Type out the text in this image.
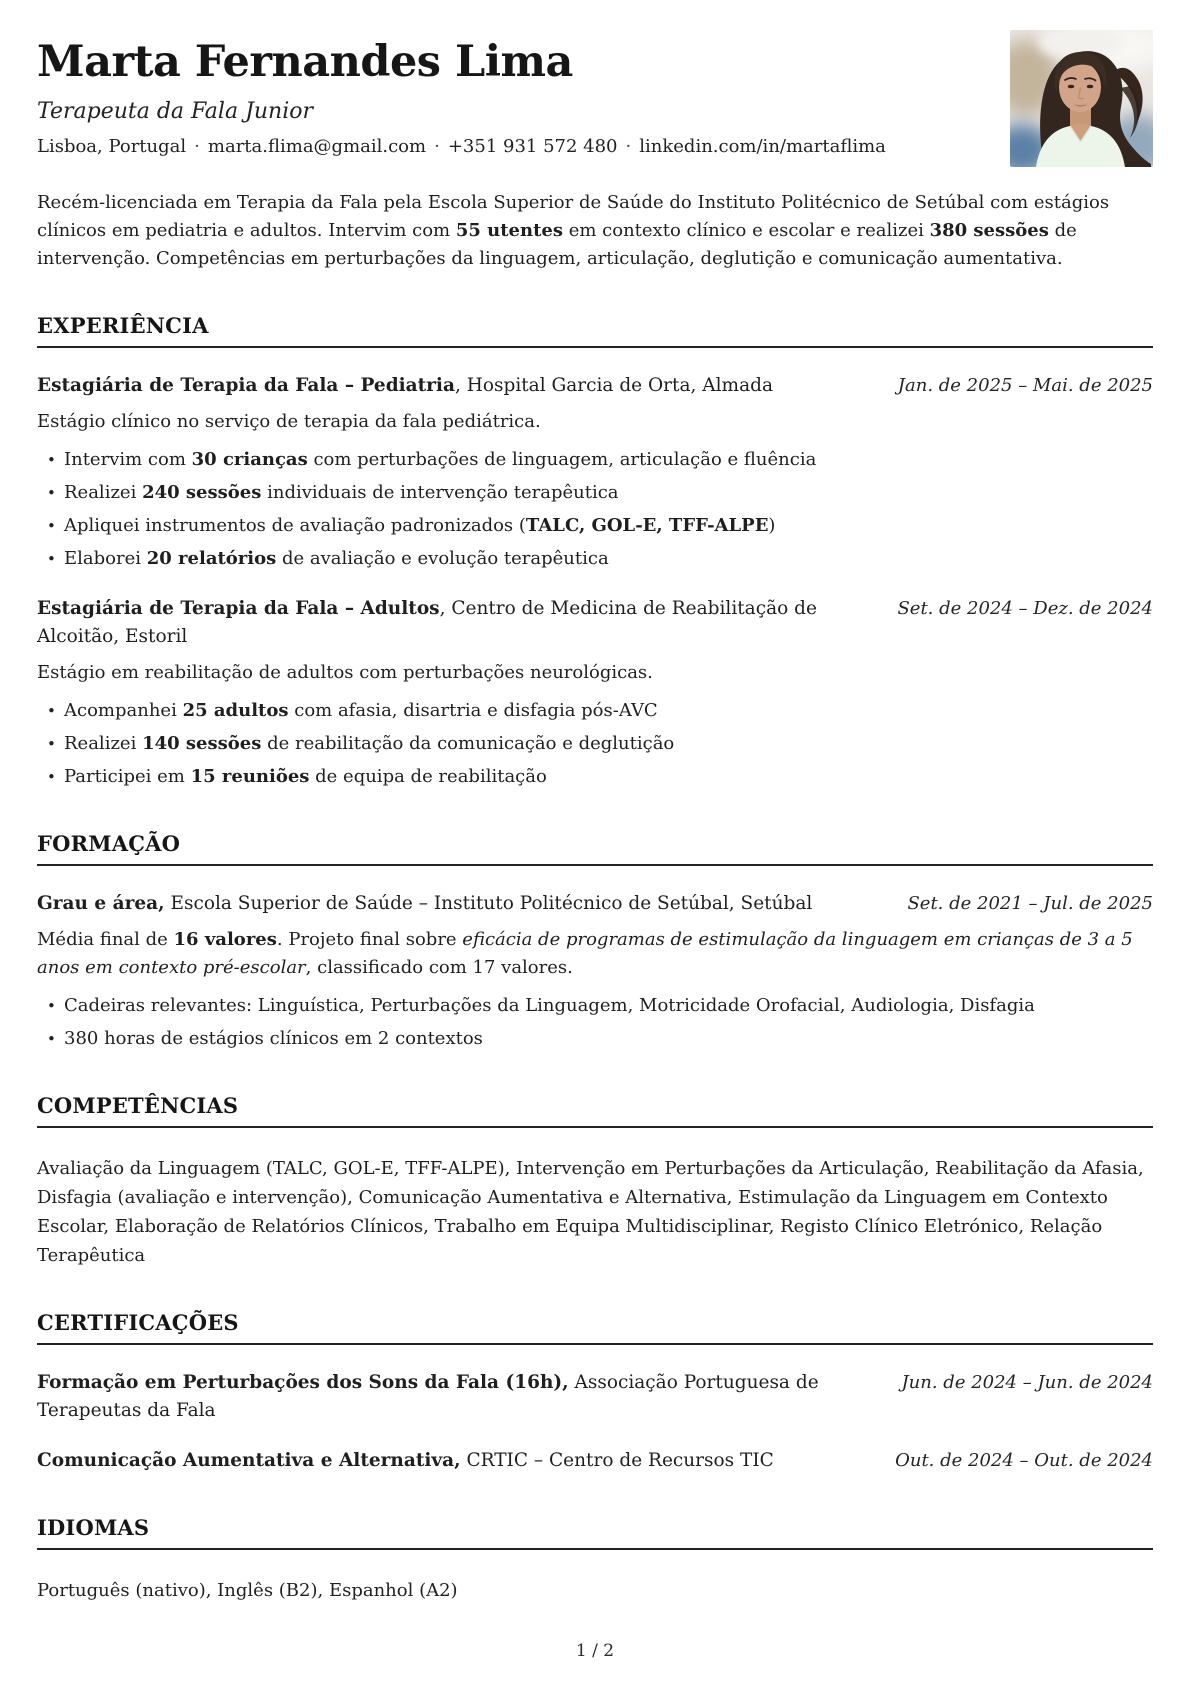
Marta Fernandes Lima
Terapeuta da Fala Junior
Lisboa, Portugal · marta.flima@gmail.com · +351 931 572 480 · linkedin.com/in/martaflima

Recém-licenciada em Terapia da Fala pela Escola Superior de Saúde do Instituto Politécnico de Setúbal com estágios clínicos em pediatria e adultos. Intervim com 55 utentes em contexto clínico e escolar e realizei 380 sessões de intervenção. Competências em perturbações da linguagem, articulação, deglutição e comunicação aumentativa.

EXPERIÊNCIA
Estagiária de Terapia da Fala – Pediatria, Hospital Garcia de Orta, Almada	Jan. de 2025 – Mai. de 2025

Estágio clínico no serviço de terapia da fala pediátrica.

• Intervim com 30 crianças com perturbações de linguagem, articulação e fluência
• Realizei 240 sessões individuais de intervenção terapêutica
• Apliquei instrumentos de avaliação padronizados (TALC, GOL-E, TFF-ALPE)
• Elaborei 20 relatórios de avaliação e evolução terapêutica
Estagiária de Terapia da Fala – Adultos, Centro de Medicina de Reabilitação de Alcoitão, Estoril
Set. de 2024 – Dez. de 2024

Estágio em reabilitação de adultos com perturbações neurológicas.

• Acompanhei 25 adultos com afasia, disartria e disfagia pós-AVC
• Realizei 140 sessões de reabilitação da comunicação e deglutição
• Participei em 15 reuniões de equipa de reabilitação
FORMAÇÃO
Grau e área, Escola Superior de Saúde – Instituto Politécnico de Setúbal, Setúbal	Set. de 2021 – Jul. de 2025

Média final de 16 valores. Projeto final sobre eficácia de programas de estimulação da linguagem em crianças de 3 a 5 anos em contexto pré-escolar, classificado com 17 valores.

• Cadeiras relevantes: Linguística, Perturbações da Linguagem, Motricidade Orofacial, Audiologia, Disfagia
• 380 horas de estágios clínicos em 2 contextos
COMPETÊNCIAS

Avaliação da Linguagem (TALC, GOL-E, TFF-ALPE), Intervenção em Perturbações da Articulação, Reabilitação da Afasia, Disfagia (avaliação e intervenção), Comunicação Aumentativa e Alternativa, Estimulação da Linguagem em Contexto Escolar, Elaboração de Relatórios Clínicos, Trabalho em Equipa Multidisciplinar, Registo Clínico Eletrónico, Relação Terapêutica

CERTIFICAÇÕES
Formação em Perturbações dos Sons da Fala (16h), Associação Portuguesa de Terapeutas da Fala
Jun. de 2024 – Jun. de 2024
Comunicação Aumentativa e Alternativa, CRTIC – Centro de Recursos TIC	Out. de 2024 – Out. de 2024
IDIOMAS

Português (nativo), Inglês (B2), Espanhol (A2)

1 / 2
